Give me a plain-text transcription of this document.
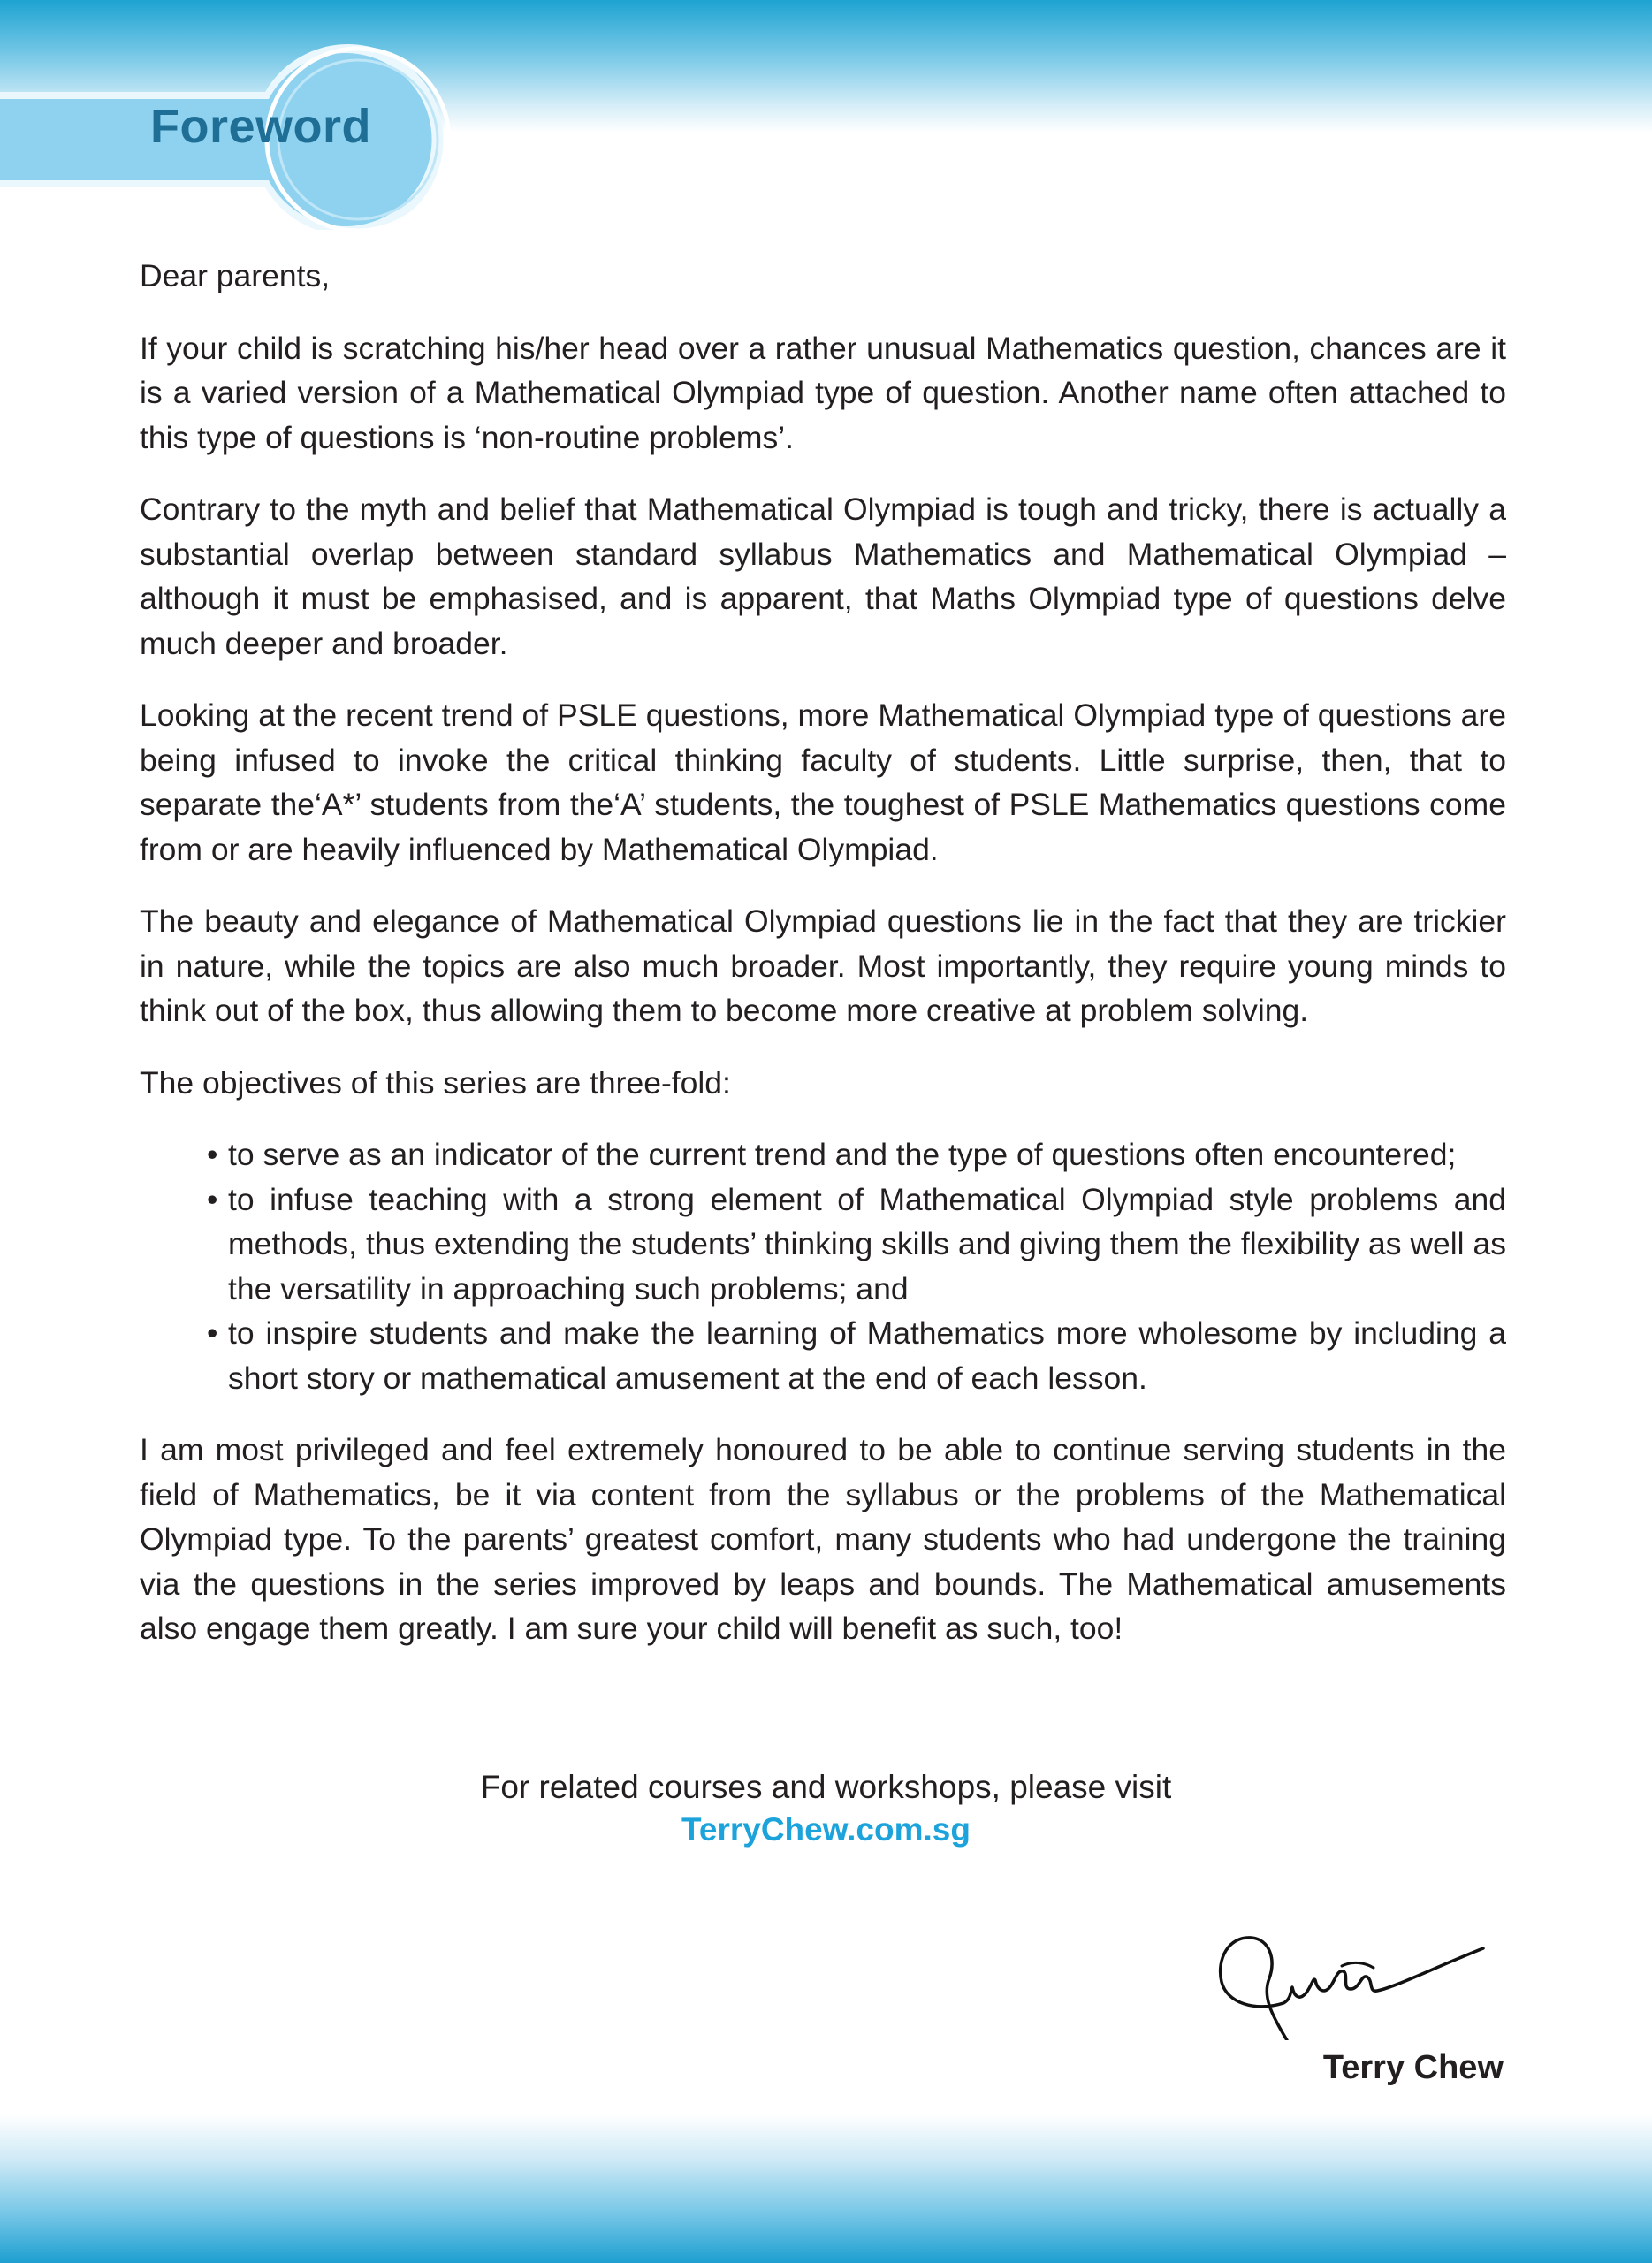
Foreword

Dear parents,

If your child is scratching his/her head over a rather unusual Mathematics question, chances are it is a varied version of a Mathematical Olympiad type of question. Another name often attached to this type of questions is ‘non-routine problems’.

Contrary to the myth and belief that Mathematical Olympiad is tough and tricky, there is actually a substantial overlap between standard syllabus Mathematics and Mathematical Olympiad – although it must be emphasised, and is apparent, that Maths Olympiad type of questions delve much deeper and broader.

Looking at the recent trend of PSLE questions, more Mathematical Olympiad type of questions are being infused to invoke the critical thinking faculty of students. Little surprise, then, that to separate the‘A*’ students from the‘A’ students, the toughest of PSLE Mathematics questions come from or are heavily influenced by Mathematical Olympiad.

The beauty and elegance of Mathematical Olympiad questions lie in the fact that they are trickier in nature, while the topics are also much broader. Most importantly, they require young minds to think out of the box, thus allowing them to become more creative at problem solving.

The objectives of this series are three-fold:

• to serve as an indicator of the current trend and the type of questions often encountered;
• to infuse teaching with a strong element of Mathematical Olympiad style problems and methods, thus extending the students’ thinking skills and giving them the flexibility as well as the versatility in approaching such problems; and
• to inspire students and make the learning of Mathematics more wholesome by including a short story or mathematical amusement at the end of each lesson.

I am most privileged and feel extremely honoured to be able to continue serving students in the field of Mathematics, be it via content from the syllabus or the problems of the Mathematical Olympiad type. To the parents’ greatest comfort, many students who had undergone the training via the questions in the series improved by leaps and bounds. The Mathematical amusements also engage them greatly. I am sure your child will benefit as such, too!

For related courses and workshops, please visit
TerryChew.com.sg
Terry Chew
